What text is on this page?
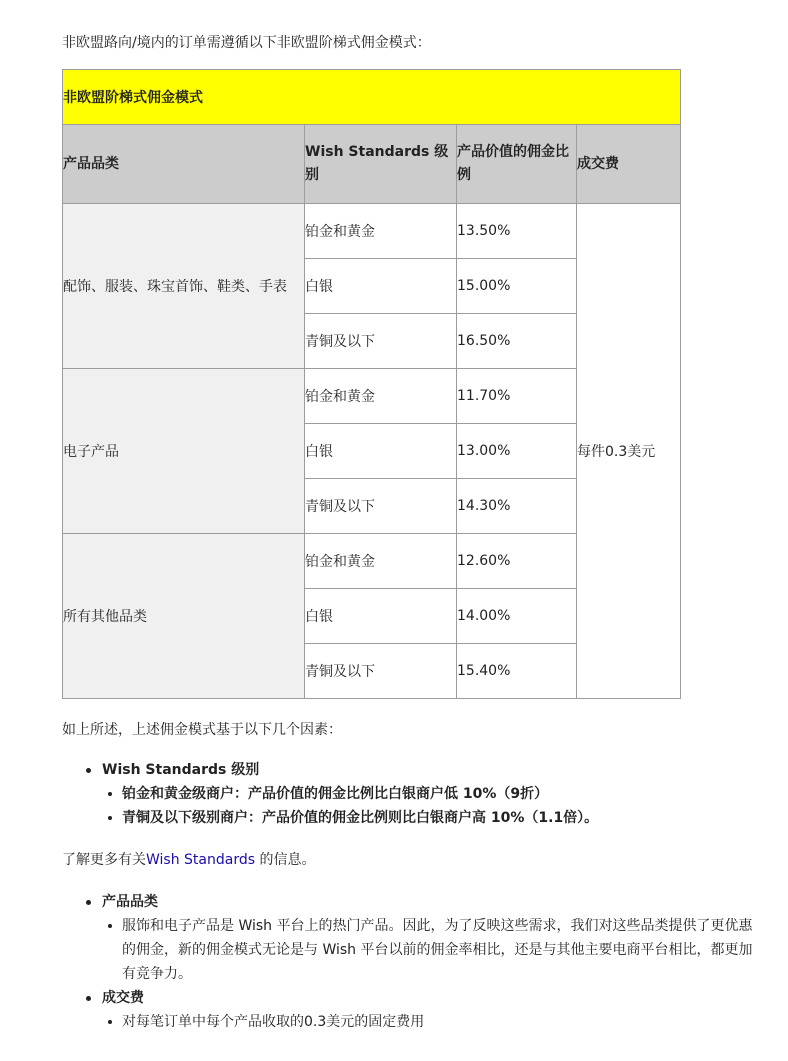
非欧盟路向/境内的订单需遵循以下非欧盟阶梯式佣金模式：

非欧盟阶梯式佣金模式			
产品品类	Wish Standards 级别	产品价值的佣金比例	成交费
配饰、服装、珠宝首饰、鞋类、手表	铂金和黄金	13.50%	每件0.3美元
	白银	15.00%	
	青铜及以下	16.50%	
电子产品	铂金和黄金	11.70%	
	白银	13.00%	
	青铜及以下	14.30%	
所有其他品类	铂金和黄金	12.60%	
	白银	14.00%	
	青铜及以下	15.40%	

如上所述，上述佣金模式基于以下几个因素：

Wish Standards 级别
铂金和黄金级商户：产品价值的佣金比例比白银商户低 10%（9折）
青铜及以下级别商户：产品价值的佣金比例则比白银商户高 10%（1.1倍）。
了解更多有关Wish Standards 的信息。
产品品类
服饰和电子产品是 Wish 平台上的热门产品。因此，为了反映这些需求，我们对这些品类提供了更优惠的佣金，新的佣金模式无论是与 Wish 平台以前的佣金率相比，还是与其他主要电商平台相比，都更加有竞争力。
成交费
对每笔订单中每个产品收取的0.3美元的固定费用
